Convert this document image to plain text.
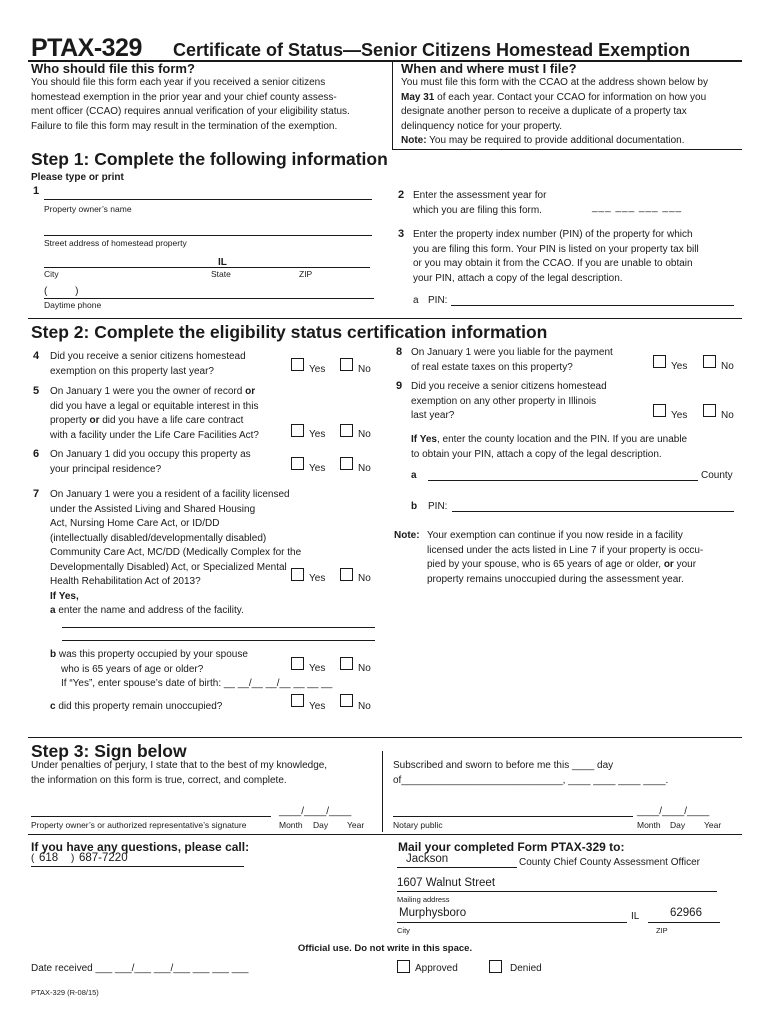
PTAX-329 Certificate of Status—Senior Citizens Homestead Exemption
Who should file this form?
You should file this form each year if you received a senior citizens
homestead exemption in the prior year and your chief county assess-
ment officer (CCAO) requires annual verification of your eligibility status.
Failure to file this form may result in the termination of the exemption.
When and where must I file?
You must file this form with the CCAO at the address shown below by
May 31 of each year. Contact your CCAO for information on how you
designate another person to receive a duplicate of a property tax
delinquency notice for your property.
Note: You may be required to provide additional documentation.
Step 1: Complete the following information
Please type or print
1
Property owner’s name
Street address of homestead property
IL
City	State	ZIP
(          )
Daytime phone
2 Enter the assessment year for
which you are filing this form.	___ ___ ___ ___
3 Enter the property index number (PIN) of the property for which
you are filing this form. Your PIN is listed on your property tax bill
or you may obtain it from the CCAO. If you are unable to obtain
your PIN, attach a copy of the legal description.
a PIN:
Step 2: Complete the eligibility status certification information
4 Did you receive a senior citizens homestead
exemption on this property last year?	Yes	No
5 On January 1 were you the owner of record or
did you have a legal or equitable interest in this
property or did you have a life care contract
with a facility under the Life Care Facilities Act?	Yes	No
6 On January 1 did you occupy this property as
your principal residence?	Yes	No
7 On January 1 were you a resident of a facility licensed
under the Assisted Living and Shared Housing
Act, Nursing Home Care Act, or ID/DD
(intellectually disabled/developmentally disabled)
Community Care Act, MC/DD (Medically Complex for the
Developmentally Disabled) Act, or Specialized Mental
Health Rehabilitation Act of 2013?
If Yes,
a enter the name and address of the facility.
Yes	No
b was this property occupied by your spouse
who is 65 years of age or older?
If “Yes”, enter spouse’s date of birth: __ __/__ __/__ __ __ __
Yes	No
c did this property remain unoccupied?	Yes	No
8 On January 1 were you liable for the payment
of real estate taxes on this property?	Yes	No
9 Did you receive a senior citizens homestead
exemption on any other property in Illinois
last year?	Yes	No
If Yes, enter the county location and the PIN. If you are unable
to obtain your PIN, attach a copy of the legal description.
a	County
b PIN:
Note: Your exemption can continue if you now reside in a facility
licensed under the acts listed in Line 7 if your property is occu-
pied by your spouse, who is 65 years of age or older, or your
property remains unoccupied during the assessment year.
Step 3: Sign below
Under penalties of perjury, I state that to the best of my knowledge,
the information on this form is true, correct, and complete.
Subscribed and sworn to before me this ____ day
of_____________________________, ____ ____ ____ ____.
____/____/____
Property owner’s or authorized representative’s signature	Month Day Year
____/____/____
Notary public	Month Day Year
If you have any questions, please call:
( 618 ) 687-7220
Mail your completed Form PTAX-329 to:
Jackson	County Chief County Assessment Officer
1607 Walnut Street
Mailing address
Murphysboro	IL	62966
City	ZIP
Official use. Do not write in this space.
Date received ___ ___/___ ___/___ ___ ___ ___	Approved	Denied
PTAX-329 (R-08/15)
